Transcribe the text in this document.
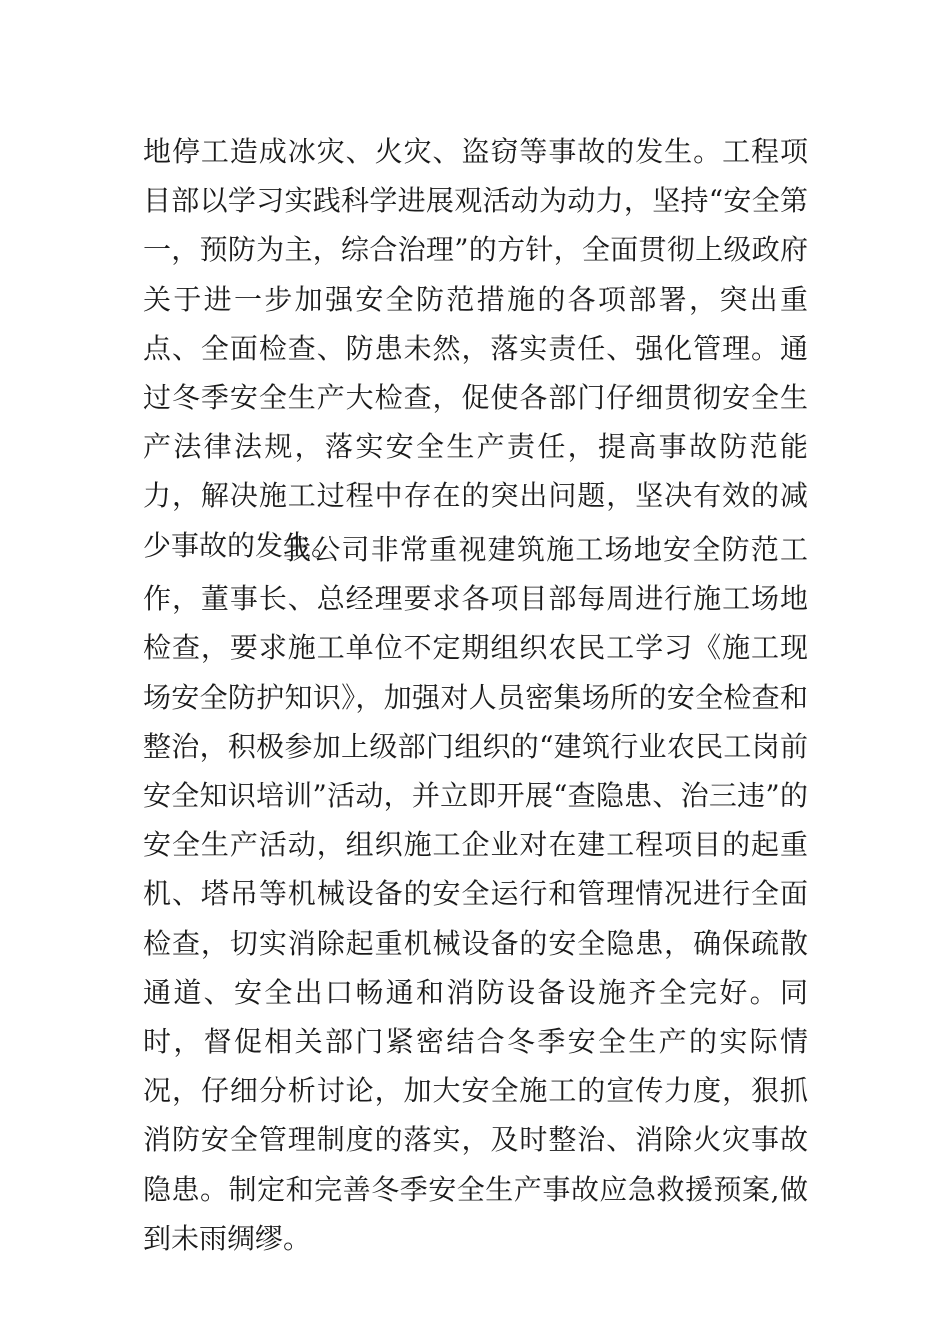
地停工造成冰灾、火灾、盗窃等事故的发生。工程项目部以学习实践科学进展观活动为动力，坚持“安全第一，预防为主，综合治理”的方针，全面贯彻上级政府关于进一步加强安全防范措施的各项部署，突出重点、全面检查、防患未然，落实责任、强化管理。通过冬季安全生产大检查，促使各部门仔细贯彻安全生产法律法规，落实安全生产责任，提高事故防范能力，解决施工过程中存在的突出问题，坚决有效的减少事故的发生。

我公司非常重视建筑施工场地安全防范工作，董事长、总经理要求各项目部每周进行施工场地检查，要求施工单位不定期组织农民工学习《施工现场安全防护知识》，加强对人员密集场所的安全检查和整治，积极参加上级部门组织的“建筑行业农民工岗前安全知识培训”活动，并立即开展“查隐患、治三违”的安全生产活动，组织施工企业对在建工程项目的起重机、塔吊等机械设备的安全运行和管理情况进行全面检查，切实消除起重机械设备的安全隐患，确保疏散通道、安全出口畅通和消防设备设施齐全完好。同时，督促相关部门紧密结合冬季安全生产的实际情况，仔细分析讨论，加大安全施工的宣传力度，狠抓消防安全管理制度的落实，及时整治、消除火灾事故隐患。制定和完善冬季安全生产事故应急救援预案,做到未雨绸缪。
